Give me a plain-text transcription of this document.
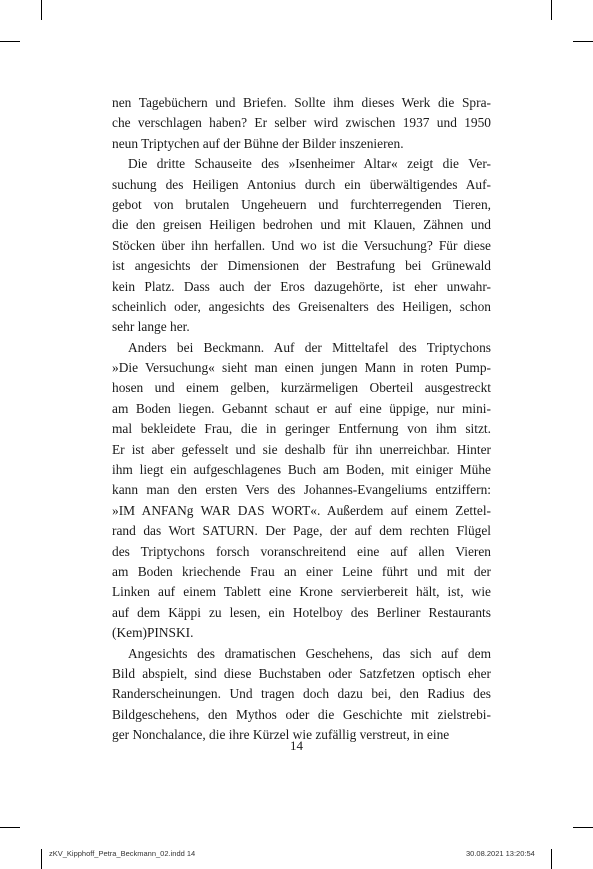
nen Tagebüchern und Briefen. Sollte ihm dieses Werk die Spra-
che verschlagen haben? Er selber wird zwischen 1937 und 1950
neun Triptychen auf der Bühne der Bilder inszenieren.
Die dritte Schauseite des »Isenheimer Altar« zeigt die Ver-
suchung des Heiligen Antonius durch ein überwältigendes Auf-
gebot von brutalen Ungeheuern und furchterregenden Tieren,
die den greisen Heiligen bedrohen und mit Klauen, Zähnen und
Stöcken über ihn herfallen. Und wo ist die Versuchung? Für diese
ist angesichts der Dimensionen der Bestrafung bei Grünewald
kein Platz. Dass auch der Eros dazugehörte, ist eher unwahr-
scheinlich oder, angesichts des Greisenalters des Heiligen, schon
sehr lange her.
Anders bei Beckmann. Auf der Mitteltafel des Triptychons
»Die Versuchung« sieht man einen jungen Mann in roten Pump-
hosen und einem gelben, kurzärmeligen Oberteil ausgestreckt
am Boden liegen. Gebannt schaut er auf eine üppige, nur mini-
mal bekleidete Frau, die in geringer Entfernung von ihm sitzt.
Er ist aber gefesselt und sie deshalb für ihn unerreichbar. Hinter
ihm liegt ein aufgeschlagenes Buch am Boden, mit einiger Mühe
kann man den ersten Vers des Johannes-Evangeliums entziffern:
»IM ANFANg WAR DAS WORT«. Außerdem auf einem Zettel-
rand das Wort SATURN. Der Page, der auf dem rechten Flügel
des Triptychons forsch voranschreitend eine auf allen Vieren
am Boden kriechende Frau an einer Leine führt und mit der
Linken auf einem Tablett eine Krone servierbereit hält, ist, wie
auf dem Käppi zu lesen, ein Hotelboy des Berliner Restaurants
(Kem)PINSKI.
Angesichts des dramatischen Geschehens, das sich auf dem
Bild abspielt, sind diese Buchstaben oder Satzfetzen optisch eher
Randerscheinungen. Und tragen doch dazu bei, den Radius des
Bildgeschehens, den Mythos oder die Geschichte mit zielstrebi-
ger Nonchalance, die ihre Kürzel wie zufällig verstreut, in eine
14
zKV_Kipphoff_Petra_Beckmann_02.indd 14	30.08.2021 13:20:54
